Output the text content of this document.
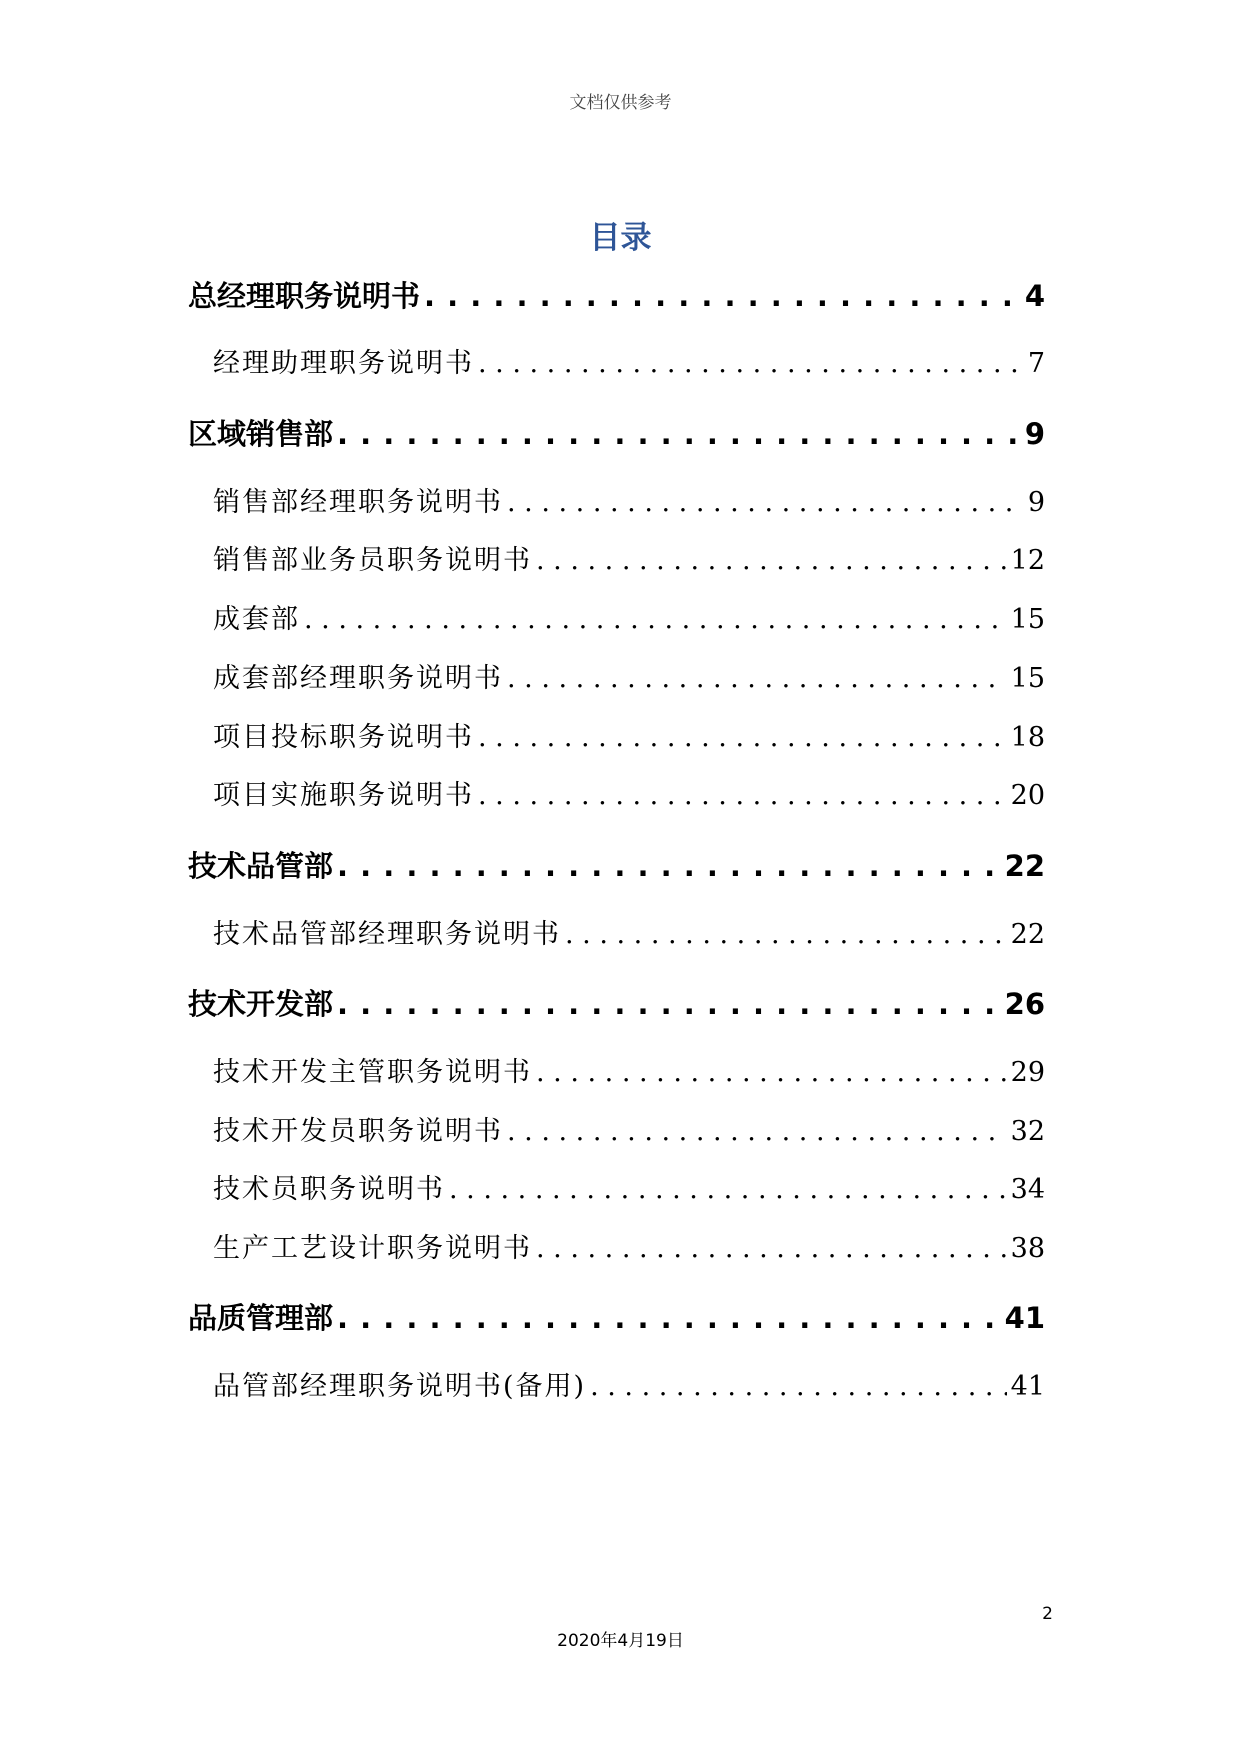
文档仅供参考
目录
总经理职务说明书 . . .	4
经理助理职务说明书 . . .	7
区域销售部 . . .	9
销售部经理职务说明书 . . .	9
销售部业务员职务说明书 . . .	12
成套部 . . .	15
成套部经理职务说明书 . . .	15
项目投标职务说明书 . . .	18
项目实施职务说明书 . . .	20
技术品管部 . . .	22
技术品管部经理职务说明书 . . .	22
技术开发部 . . .	26
技术开发主管职务说明书 . . .	29
技术开发员职务说明书 . . .	32
技术员职务说明书 . . .	34
生产工艺设计职务说明书 . . .	38
品质管理部 . . .	41
品管部经理职务说明书(备用) . . .	41
2
2020年4月19日
